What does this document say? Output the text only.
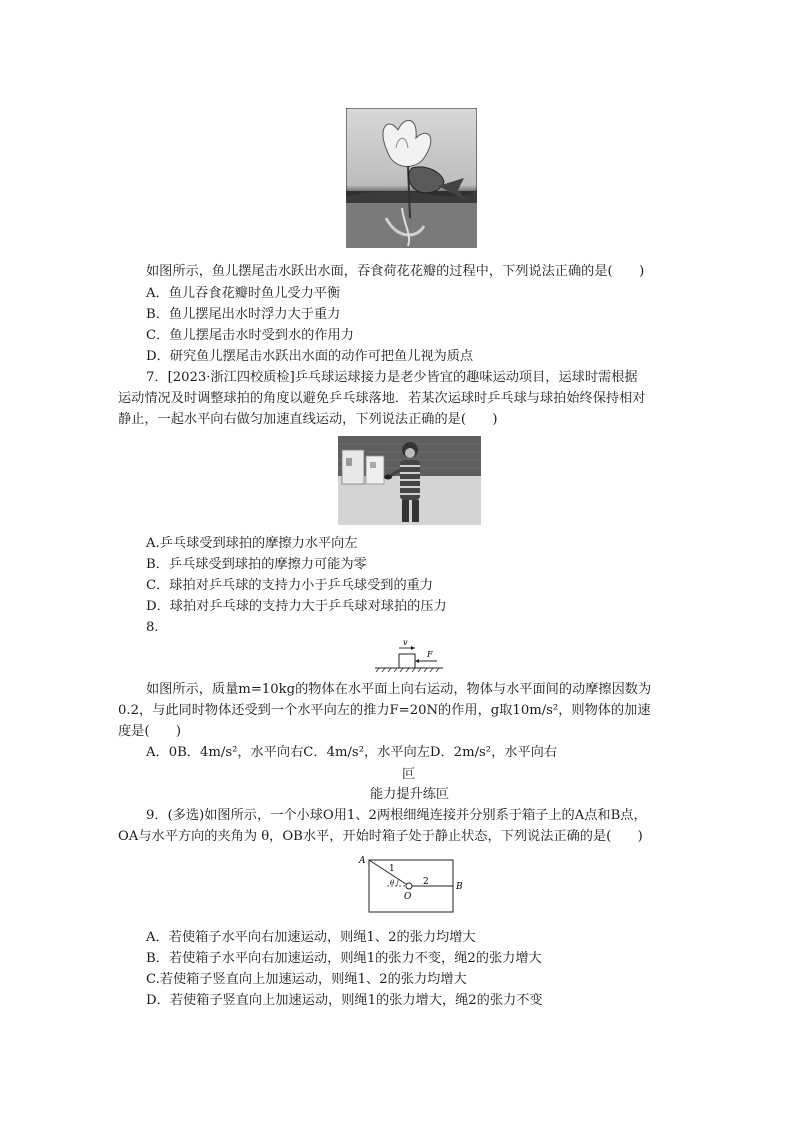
如图所示，鱼儿摆尾击水跃出水面，吞食荷花花瓣的过程中，下列说法正确的是(　　)
A．鱼儿吞食花瓣时鱼儿受力平衡
B．鱼儿摆尾出水时浮力大于重力
C．鱼儿摆尾击水时受到水的作用力
D．研究鱼儿摆尾击水跃出水面的动作可把鱼儿视为质点
7．[2023·浙江四校质检]乒乓球运球接力是老少皆宜的趣味运动项目，运球时需根据
运动情况及时调整球拍的角度以避免乒乓球落地．若某次运球时乒乓球与球拍始终保持相对
静止，一起水平向右做匀加速直线运动，下列说法正确的是(　　)
A.乒乓球受到球拍的摩擦力水平向左
B．乒乓球受到球拍的摩擦力可能为零
C．球拍对乒乓球的支持力小于乒乓球受到的重力
D．球拍对乒乓球的支持力大于乒乓球对球拍的压力
8.
v
F
如图所示，质量m=10kg的物体在水平面上向右运动，物体与水平面间的动摩擦因数为
0.2，与此同时物体还受到一个水平向左的推力F=20N的作用，g取10m/s²，则物体的加速
度是(　　)
A．0B．4m/s²，水平向右C．4m/s²，水平向左D．2m/s²，水平向右
叵
能力提升练叵
9．(多选)如图所示，一个小球O用1、2两根细绳连接并分别系于箱子上的A点和B点，
OA与水平方向的夹角为 θ，OB水平，开始时箱子处于静止状态，下列说法正确的是(　　)
A
B
O
1
2
θ
A．若使箱子水平向右加速运动，则绳1、2的张力均增大
B．若使箱子水平向右加速运动，则绳1的张力不变，绳2的张力增大
C.若使箱子竖直向上加速运动，则绳1、2的张力均增大
D．若使箱子竖直向上加速运动，则绳1的张力增大，绳2的张力不变
